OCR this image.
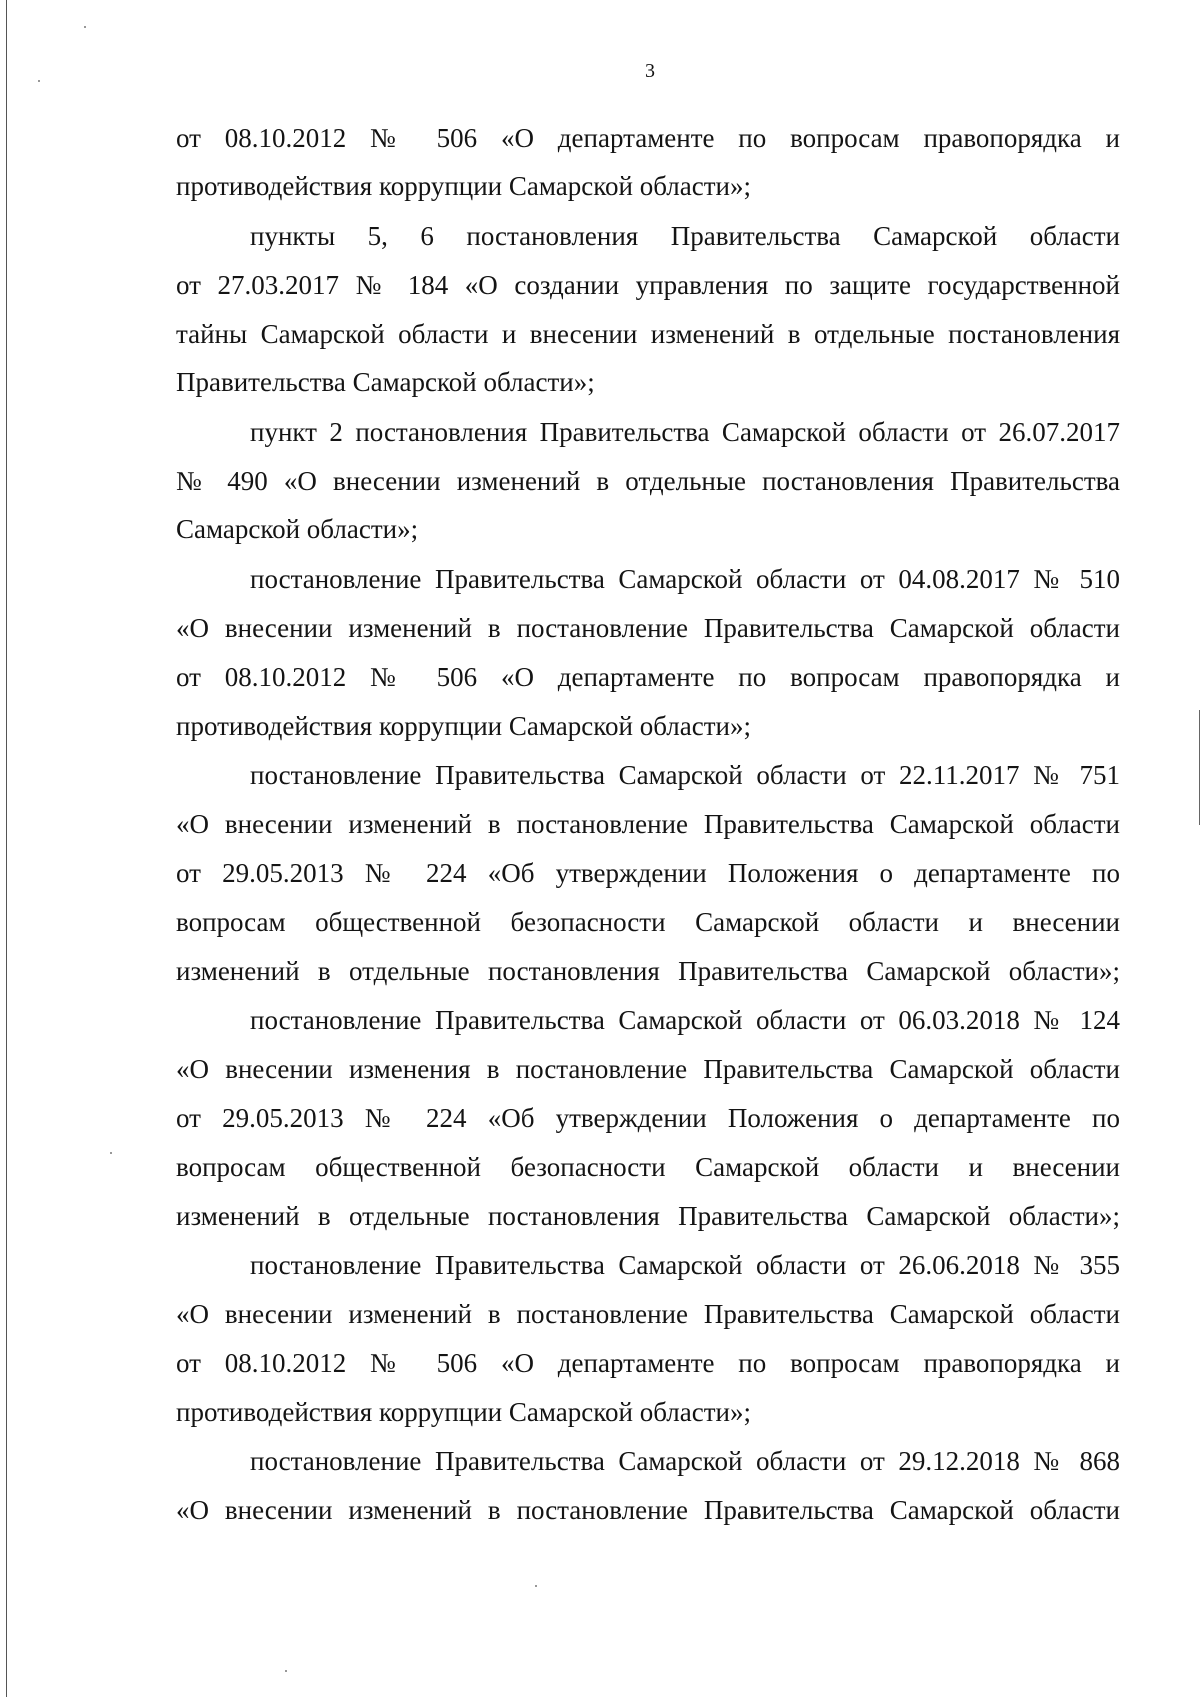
3
от 08.10.2012 № 506 «О департаменте по вопросам правопорядка и
противодействия коррупции Самарской области»;
пункты 5, 6 постановления Правительства Самарской области
от 27.03.2017 № 184 «О создании управления по защите государственной
тайны Самарской области и внесении изменений в отдельные постановления
Правительства Самарской области»;
пункт 2 постановления Правительства Самарской области от 26.07.2017
№ 490 «О внесении изменений в отдельные постановления Правительства
Самарской области»;
постановление Правительства Самарской области от 04.08.2017 № 510
«О внесении изменений в постановление Правительства Самарской области
от 08.10.2012 № 506 «О департаменте по вопросам правопорядка и
противодействия коррупции Самарской области»;
постановление Правительства Самарской области от 22.11.2017 № 751
«О внесении изменений в постановление Правительства Самарской области
от 29.05.2013 № 224 «Об утверждении Положения о департаменте по
вопросам общественной безопасности Самарской области и внесении
изменений в отдельные постановления Правительства Самарской области»;
постановление Правительства Самарской области от 06.03.2018 № 124
«О внесении изменения в постановление Правительства Самарской области
от 29.05.2013 № 224 «Об утверждении Положения о департаменте по
вопросам общественной безопасности Самарской области и внесении
изменений в отдельные постановления Правительства Самарской области»;
постановление Правительства Самарской области от 26.06.2018 № 355
«О внесении изменений в постановление Правительства Самарской области
от 08.10.2012 № 506 «О департаменте по вопросам правопорядка и
противодействия коррупции Самарской области»;
постановление Правительства Самарской области от 29.12.2018 № 868
«О внесении изменений в постановление Правительства Самарской области
